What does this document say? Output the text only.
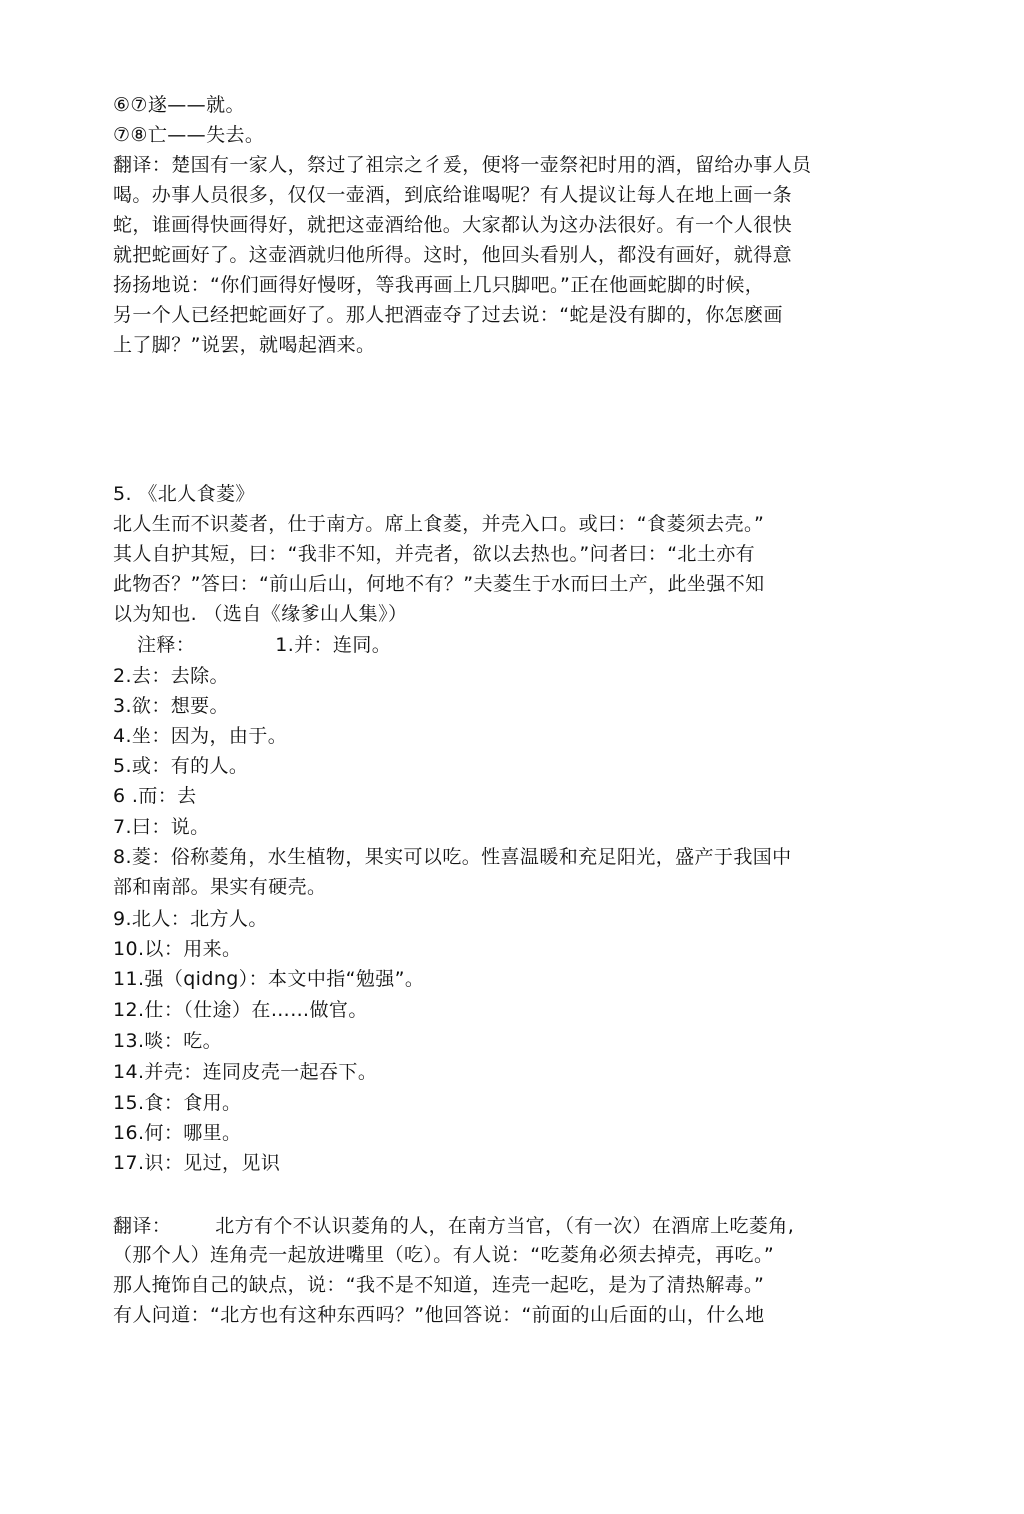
⑥⑦遂——就。
⑦⑧亡——失去。
翻译：楚国有一家人，祭过了祖宗之彳爰，便将一壶祭祀时用的酒，留给办事人员
喝。办事人员很多，仅仅一壶酒，到底给谁喝呢？有人提议让每人在地上画一条
蛇，谁画得快画得好，就把这壶酒给他。大家都认为这办法很好。有一个人很快
就把蛇画好了。这壶酒就归他所得。这时，他回头看别人，都没有画好，就得意
扬扬地说：“你们画得好慢呀，等我再画上几只脚吧。”正在他画蛇脚的时候，
另一个人已经把蛇画好了。那人把酒壶夺了过去说：“蛇是没有脚的，你怎麽画
上了脚？”说罢，就喝起酒来。
5. 《北人食菱》
北人生而不识菱者，仕于南方。席上食菱，并壳入口。或曰：“食菱须去壳。”
其人自护其短，曰：“我非不知，并壳者，欲以去热也。”问者曰：“北土亦有
此物否？”答曰：“前山后山，何地不有？”夫菱生于水而曰土产，此坐强不知
以为知也. （选自《缘爹山人集》）
注释：	1.并：连同。
2.去：去除。
3.欲：想要。
4.坐：因为，由于。
5.或：有的人。
6 .而：去
7.曰：说。
8.菱：俗称菱角，水生植物，果实可以吃。性喜温暖和充足阳光，盛产于我国中
部和南部。果实有硬壳。
9.北人：北方人。
10.以：用来。
11.强（qidng）：本文中指“勉强”。
12.仕：（仕途）在……做官。
13.啖：吃。
14.并壳：连同皮壳一起吞下。
15.食：食用。
16.何：哪里。
17.识：见过，见识
翻译： 北方有个不认识菱角的人，在南方当官，（有一次）在酒席上吃菱角,
（那个人）连角壳一起放进嘴里（吃）。有人说：“吃菱角必须去掉壳，再吃。”
那人掩饰自己的缺点，说：“我不是不知道，连壳一起吃，是为了清热解毒。”
有人问道：“北方也有这种东西吗？”他回答说：“前面的山后面的山，什么地
